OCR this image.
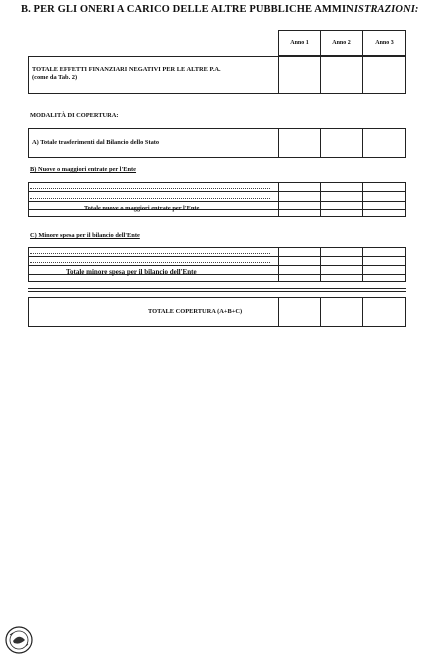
B. PER GLI ONERI A CARICO DELLE ALTRE PUBBLICHE AMMINISTRAZIONI:
Anno 1	Anno 2	Anno 3
TOTALE EFFETTI FINANZIARI NEGATIVI PER LE ALTRE P.A.
(come da Tab. 2)
MODALITÀ DI COPERTURA:
A) Totale trasferimenti dal Bilancio dello Stato
B) Nuove o maggiori entrate per l'Ente
Totale nuove o maggiori entrate per l'Ente
C) Minore spesa per il bilancio dell'Ente
Totale minore spesa per il bilancio dell'Ente
TOTALE COPERTURA (A+B+C)
